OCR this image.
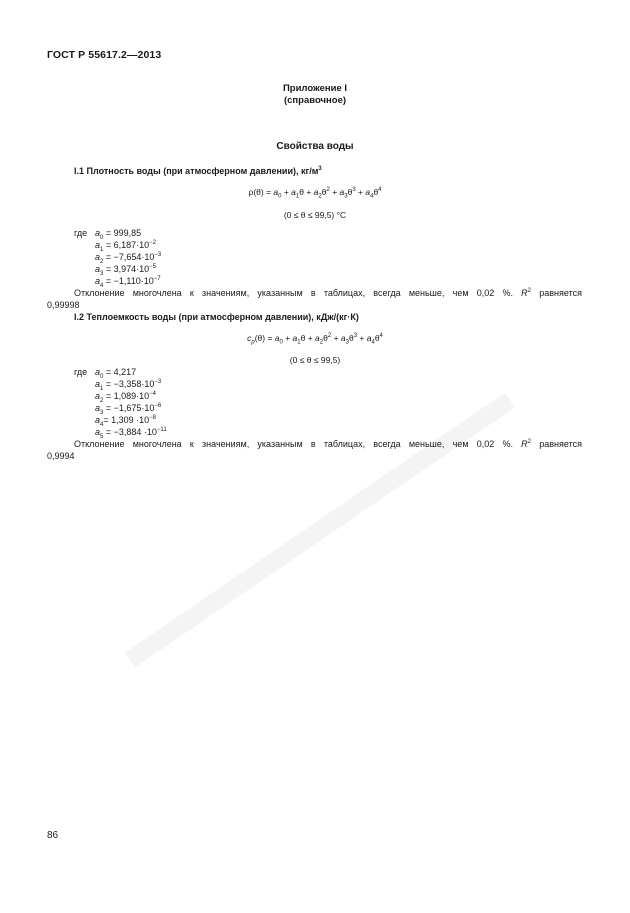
ГОСТ Р 55617.2—2013
Приложение I
(справочное)
Свойства воды
I.1 Плотность воды (при атмосферном давлении), $кг/м^3$
$\rho(\theta) = a_0 + a_1\theta + a_2\theta^2 + a_3\theta^3 + a_4\theta^4$
(0 ≤ θ ≤ 99,5) °C
где $a_0 = 999,85$
$a_1 = 6,187\cdot 10^{-2}$
$a_2 = -7,654\cdot 10^{-3}$
$a_3 = 3,974\cdot 10^{-5}$
$a_4 = -1,110\cdot 10^{-7}$
Отклонение многочлена к значениям, указанным в таблицах, всегда меньше, чем 0,02 %. $R^2$ равняется
0,99998
I.2 Теплоемкость воды (при атмосферном давлении), кДж/(кг·К)
$c_p(\theta) = a_0 + a_1\theta + a_2\theta^2 + a_3\theta^3 + a_4\theta^4$
(0 ≤ θ ≤ 99,5)
где $a_0 = 4,217$
$a_1 = -3,358\cdot 10^{-3}$
$a_2 = 1,089\cdot 10^{-4}$
$a_3 = -1,675\cdot 10^{-6}$
$a_4= 1,309 \cdot 10^{-8}$
$a_5 = -3,884 \cdot 10^{-11}$
Отклонение многочлена к значениям, указанным в таблицах, всегда меньше, чем 0,02 %. $R^2$ равняется
0,9994
86
